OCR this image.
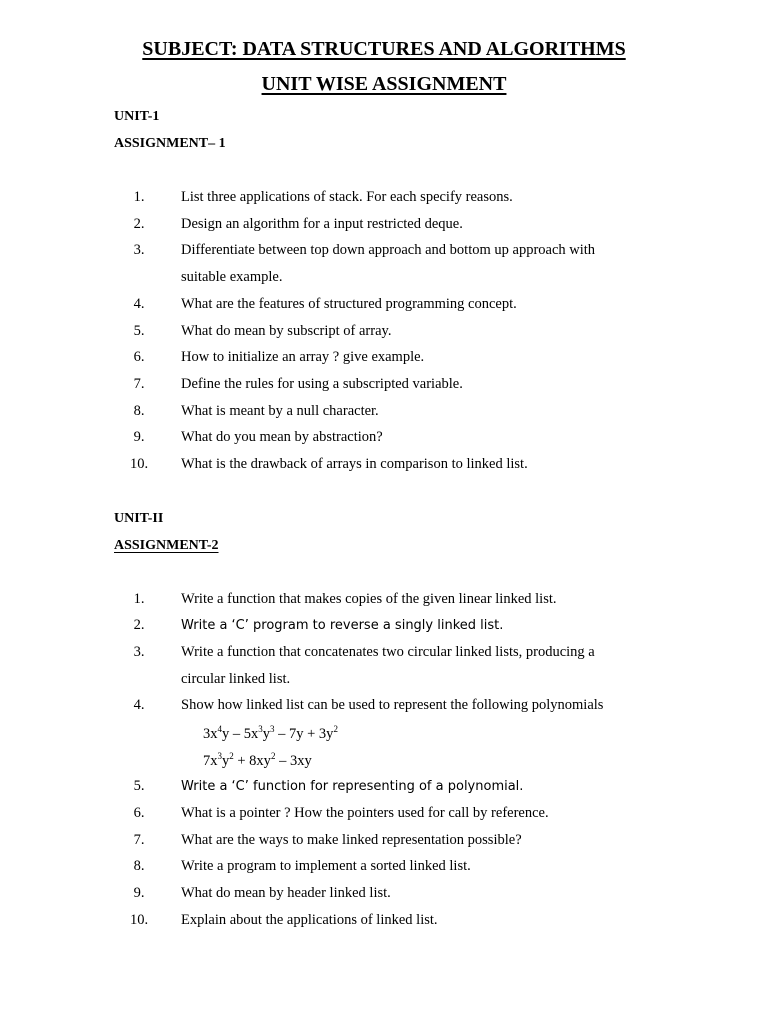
SUBJECT: DATA STRUCTURES AND ALGORITHMS
UNIT WISE ASSIGNMENT
UNIT-1
ASSIGNMENT– 1
1.	List three applications of stack. For each specify reasons.
2.	Design an algorithm for a input restricted deque.
3.	Differentiate between top down approach and bottom up approach with
suitable example.
4.	What are the features of structured programming concept.
5.	What do mean by subscript of array.
6.	How to initialize an array ? give example.
7.	Define the rules for using a subscripted variable.
8.	What is meant by a null character.
9.	What do you mean by abstraction?
10.	What is the drawback of arrays in comparison to linked list.
UNIT-II
ASSIGNMENT-2
1.	Write a function that makes copies of the given linear linked list.
2.	Write a ‘C’ program to reverse a singly linked list.
3.	Write a function that concatenates two circular linked lists, producing a
circular linked list.
4.	Show how linked list can be used to represent the following polynomials
$3x^4y - 5x^3y^3 - 7y + 3y^2$
$7x^3y^2 + 8xy^2 - 3xy$
5.	Write a ‘C’ function for representing of a polynomial.
6.	What is a pointer ? How the pointers used for call by reference.
7.	What are the ways to make linked representation possible?
8.	Write a program to implement a sorted linked list.
9.	What do mean by header linked list.
10.	Explain about the applications of linked list.
